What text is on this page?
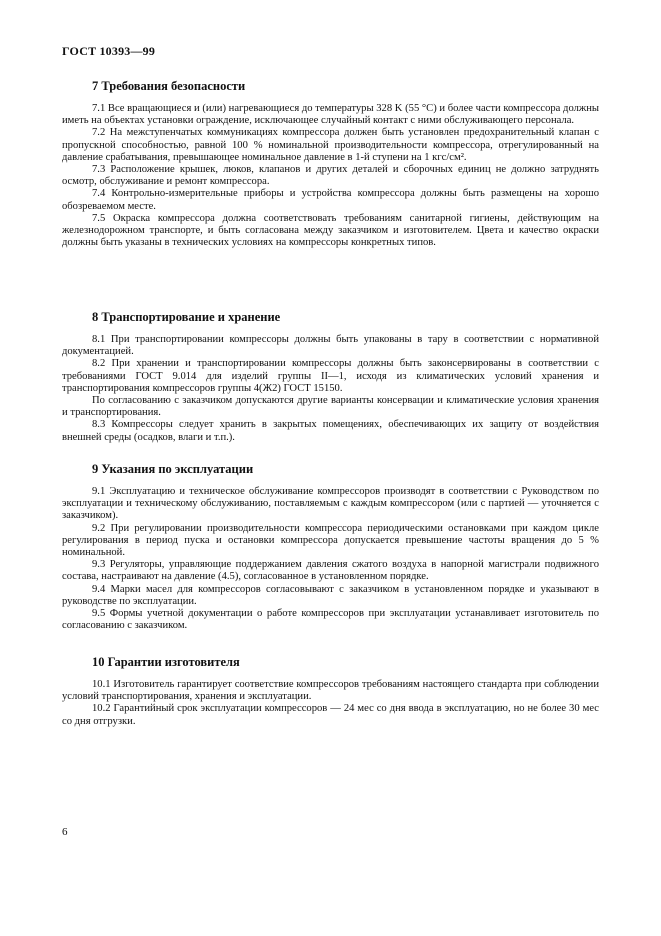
ГОСТ 10393—99
7 Требования безопасности

7.1 Все вращающиеся и (или) нагревающиеся до температуры 328 K (55 °C) и более части компрессора должны иметь на объектах установки ограждение, исключающее случайный контакт с ними обслуживающего персонала.

7.2 На межступенчатых коммуникациях компрессора должен быть установлен предохранительный клапан с пропускной способностью, равной 100 % номинальной производительности компрессора, отрегулированный на давление срабатывания, превышающее номинальное давление в 1-й ступени на 1 кгс/см².

7.3 Расположение крышек, люков, клапанов и других деталей и сборочных единиц не должно затруднять осмотр, обслуживание и ремонт компрессора.

7.4 Контрольно-измерительные приборы и устройства компрессора должны быть размещены на хорошо обозреваемом месте.

7.5 Окраска компрессора должна соответствовать требованиям санитарной гигиены, действующим на железнодорожном транспорте, и быть согласована между заказчиком и изготовителем. Цвета и качество окраски должны быть указаны в технических условиях на компрессоры конкретных типов.

8 Транспортирование и хранение

8.1 При транспортировании компрессоры должны быть упакованы в тару в соответствии с нормативной документацией.

8.2 При хранении и транспортировании компрессоры должны быть законсервированы в соответствии с требованиями ГОСТ 9.014 для изделий группы II—1, исходя из климатических условий хранения и транспортирования компрессоров группы 4(Ж2) ГОСТ 15150.

По согласованию с заказчиком допускаются другие варианты консервации и климатические условия хранения и транспортирования.

8.3 Компрессоры следует хранить в закрытых помещениях, обеспечивающих их защиту от воздействия внешней среды (осадков, влаги и т.п.).

9 Указания по эксплуатации

9.1 Эксплуатацию и техническое обслуживание компрессоров производят в соответствии с Руководством по эксплуатации и техническому обслуживанию, поставляемым с каждым компрессором (или с партией — уточняется с заказчиком).

9.2 При регулировании производительности компрессора периодическими остановками при каждом цикле регулирования в период пуска и остановки компрессора допускается превышение частоты вращения до 5 % номинальной.

9.3 Регуляторы, управляющие поддержанием давления сжатого воздуха в напорной магистрали подвижного состава, настраивают на давление (4.5), согласованное в установленном порядке.

9.4 Марки масел для компрессоров согласовывают с заказчиком в установленном порядке и указывают в руководстве по эксплуатации.

9.5 Формы учетной документации о работе компрессоров при эксплуатации устанавливает изготовитель по согласованию с заказчиком.

10 Гарантии изготовителя

10.1 Изготовитель гарантирует соответствие компрессоров требованиям настоящего стандарта при соблюдении условий транспортирования, хранения и эксплуатации.

10.2 Гарантийный срок эксплуатации компрессоров — 24 мес со дня ввода в эксплуатацию, но не более 30 мес со дня отгрузки.

6
